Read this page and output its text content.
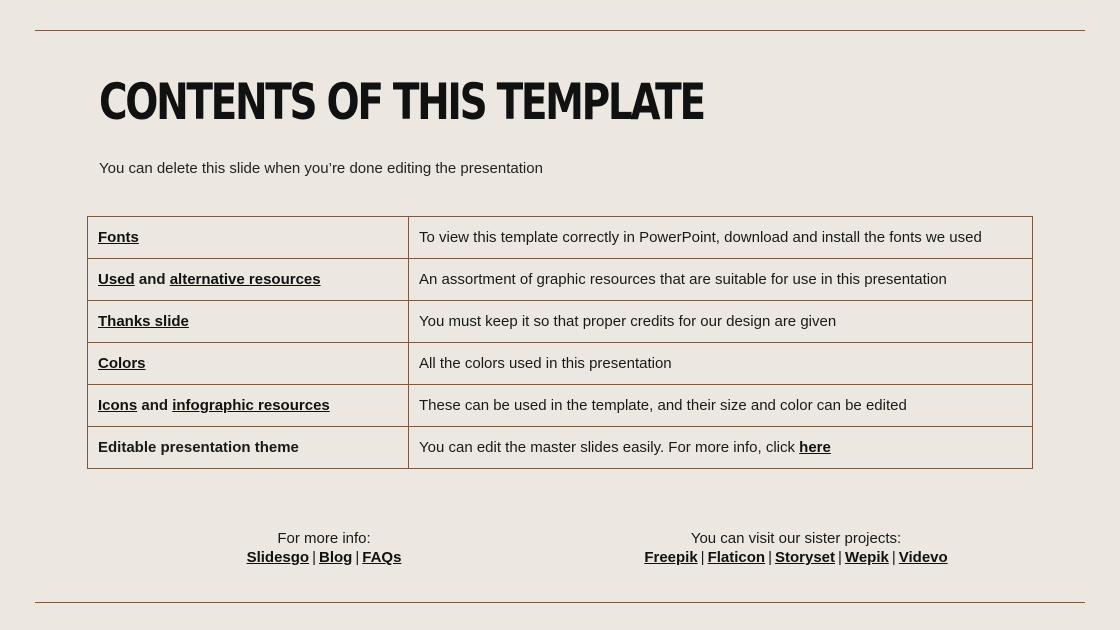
CONTENTS OF THIS TEMPLATE

You can delete this slide when you’re done editing the presentation

Fonts	To view this template correctly in PowerPoint, download and install the fonts we used
Used and alternative resources	An assortment of graphic resources that are suitable for use in this presentation
Thanks slide	You must keep it so that proper credits for our design are given
Colors	All the colors used in this presentation
Icons and infographic resources	These can be used in the template, and their size and color can be edited
Editable presentation theme	You can edit the master slides easily. For more info, click here
For more info:
Slidesgo | Blog | FAQs
You can visit our sister projects:
Freepik | Flaticon | Storyset | Wepik | Videvo
